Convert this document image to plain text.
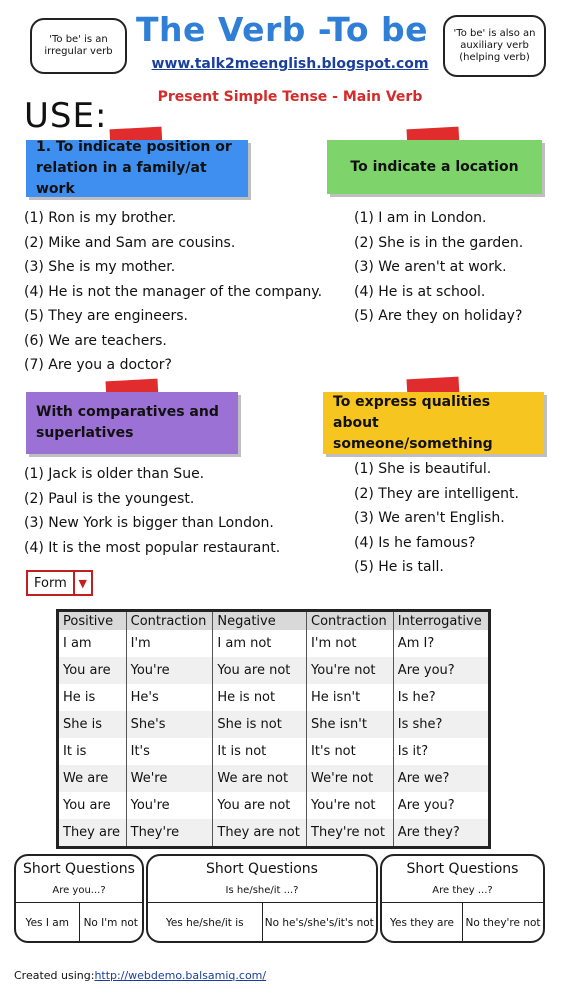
'To be' is an irregular verb
'To be' is also an auxiliary verb (helping verb)
The Verb -To be
www.talk2meenglish.blogspot.com
Present Simple Tense - Main Verb
USE:
1. To indicate position or relation in a family/at work
(1) Ron is my brother.
(2) Mike and Sam are cousins.
(3) She is my mother.
(4) He is not the manager of the company.
(5) They are engineers.
(6) We are teachers.
(7) Are you a doctor?
To indicate a location
(1) I am in London.
(2) She is in the garden.
(3) We aren't at work.
(4) He is at school.
(5) Are they on holiday?
With comparatives and superlatives
(1) Jack is older than Sue.
(2) Paul is the youngest.
(3) New York is bigger than London.
(4) It is the most popular restaurant.
To express qualities about someone/something
(1) She is beautiful.
(2) They are intelligent.
(3) We aren't English.
(4) Is he famous?
(5) He is tall.
Form	▼
Positive	Contraction	Negative	Contraction	Interrogative
I am	I'm	I am not	I'm not	Am I?
You are	You're	You are not	You're not	Are you?
He is	He's	He is not	He isn't	Is he?
She is	She's	She is not	She isn't	Is she?
It is	It's	It is not	It's not	Is it?
We are	We're	We are not	We're not	Are we?
You are	You're	You are not	You're not	Are you?
They are	They're	They are not	They're not	Are they?
Short Questions
Are you...?
Yes I am	No I'm not
Short Questions
Is he/she/it ...?
Yes he/she/it is	No he's/she's/it's not
Short Questions
Are they ...?
Yes they are	No they're not
Created using:http://webdemo.balsamiq.com/
